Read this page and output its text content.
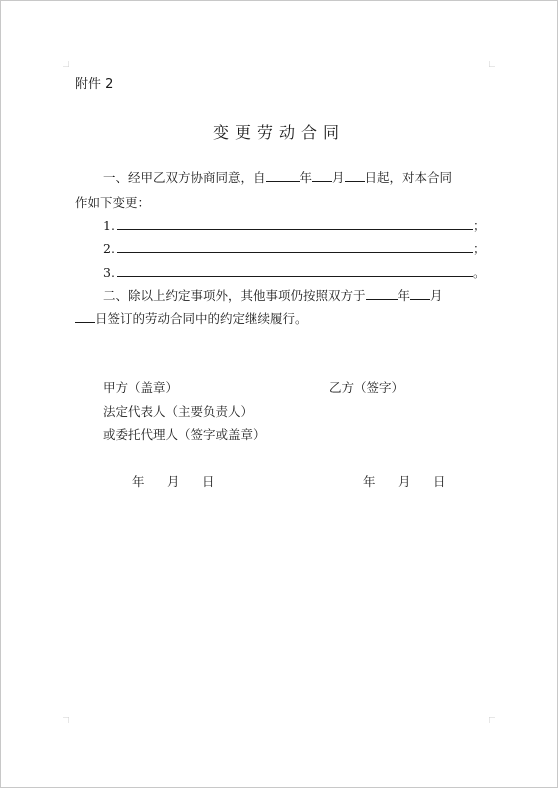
附件 2
变更劳动合同
一、经甲乙双方协商同意，自	年 月 日起，对本合同
作如下变更：
1.	；
2.	；
3.	。
二、除以上约定事项外，其他事项仍按照双方于	年 月
日签订的劳动合同中的约定继续履行。
甲方（盖章）	乙方（签字）
法定代表人（主要负责人）
或委托代理人（签字或盖章）
年 月 日	年 月 日
